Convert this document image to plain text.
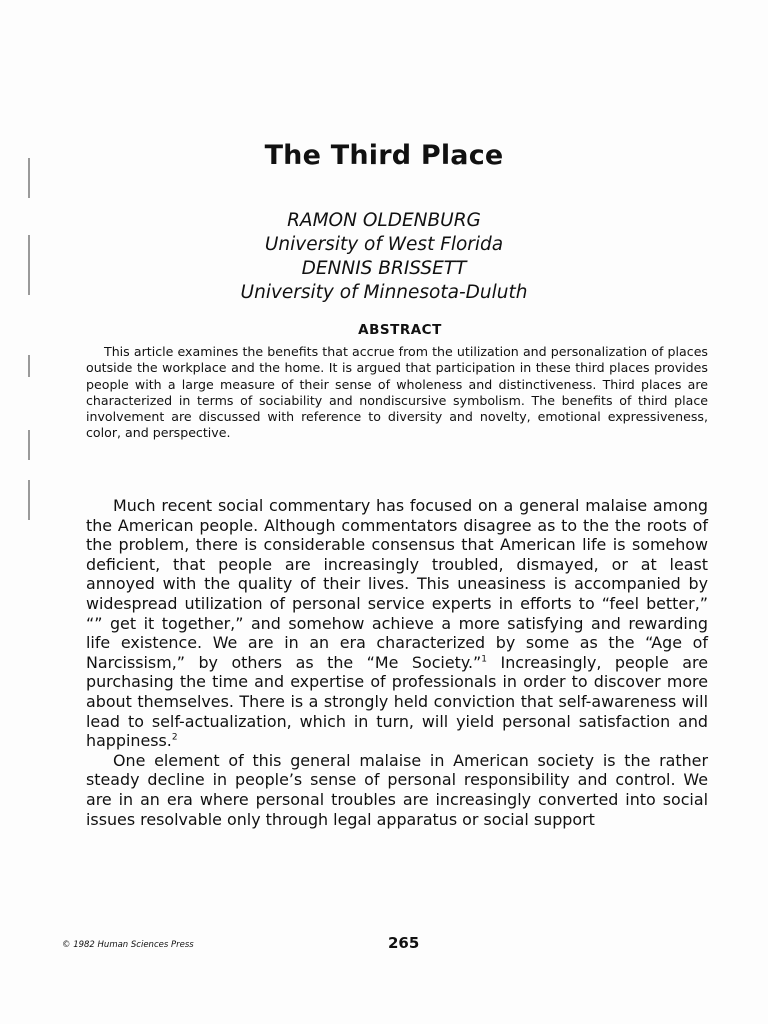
The Third Place
RAMON OLDENBURG
University of West Florida
DENNIS BRISSETT
University of Minnesota-Duluth
ABSTRACT
This article examines the benefits that accrue from the utilization and personalization of places outside the workplace and the home. It is argued that participation in these third places provides people with a large measure of their sense of wholeness and distinctiveness. Third places are characterized in terms of sociability and nondiscursive symbolism. The benefits of third place involvement are discussed with reference to diversity and novelty, emotional expressiveness, color, and perspective.

Much recent social commentary has focused on a general malaise among the American people. Although commentators disagree as to the the roots of the problem, there is considerable consensus that American life is somehow deficient, that people are increasingly troubled, dismayed, or at least annoyed with the quality of their lives. This uneasiness is accompanied by widespread utilization of personal service experts in efforts to “feel better,” “” get it together,” and somehow achieve a more satisfying and rewarding life existence. We are in an era characterized by some as the “Age of Narcissism,” by others as the “Me Society.”$^1$ Increasingly, people are purchasing the time and expertise of professionals in order to discover more about themselves. There is a strongly held conviction that self-awareness will lead to self-actualization, which in turn, will yield personal satisfaction and happiness.$^2$

One element of this general malaise in American society is the rather steady decline in people’s sense of personal responsibility and control. We are in an era where personal troubles are increasingly converted into social issues resolvable only through legal apparatus or social support

© 1982 Human Sciences Press	265
